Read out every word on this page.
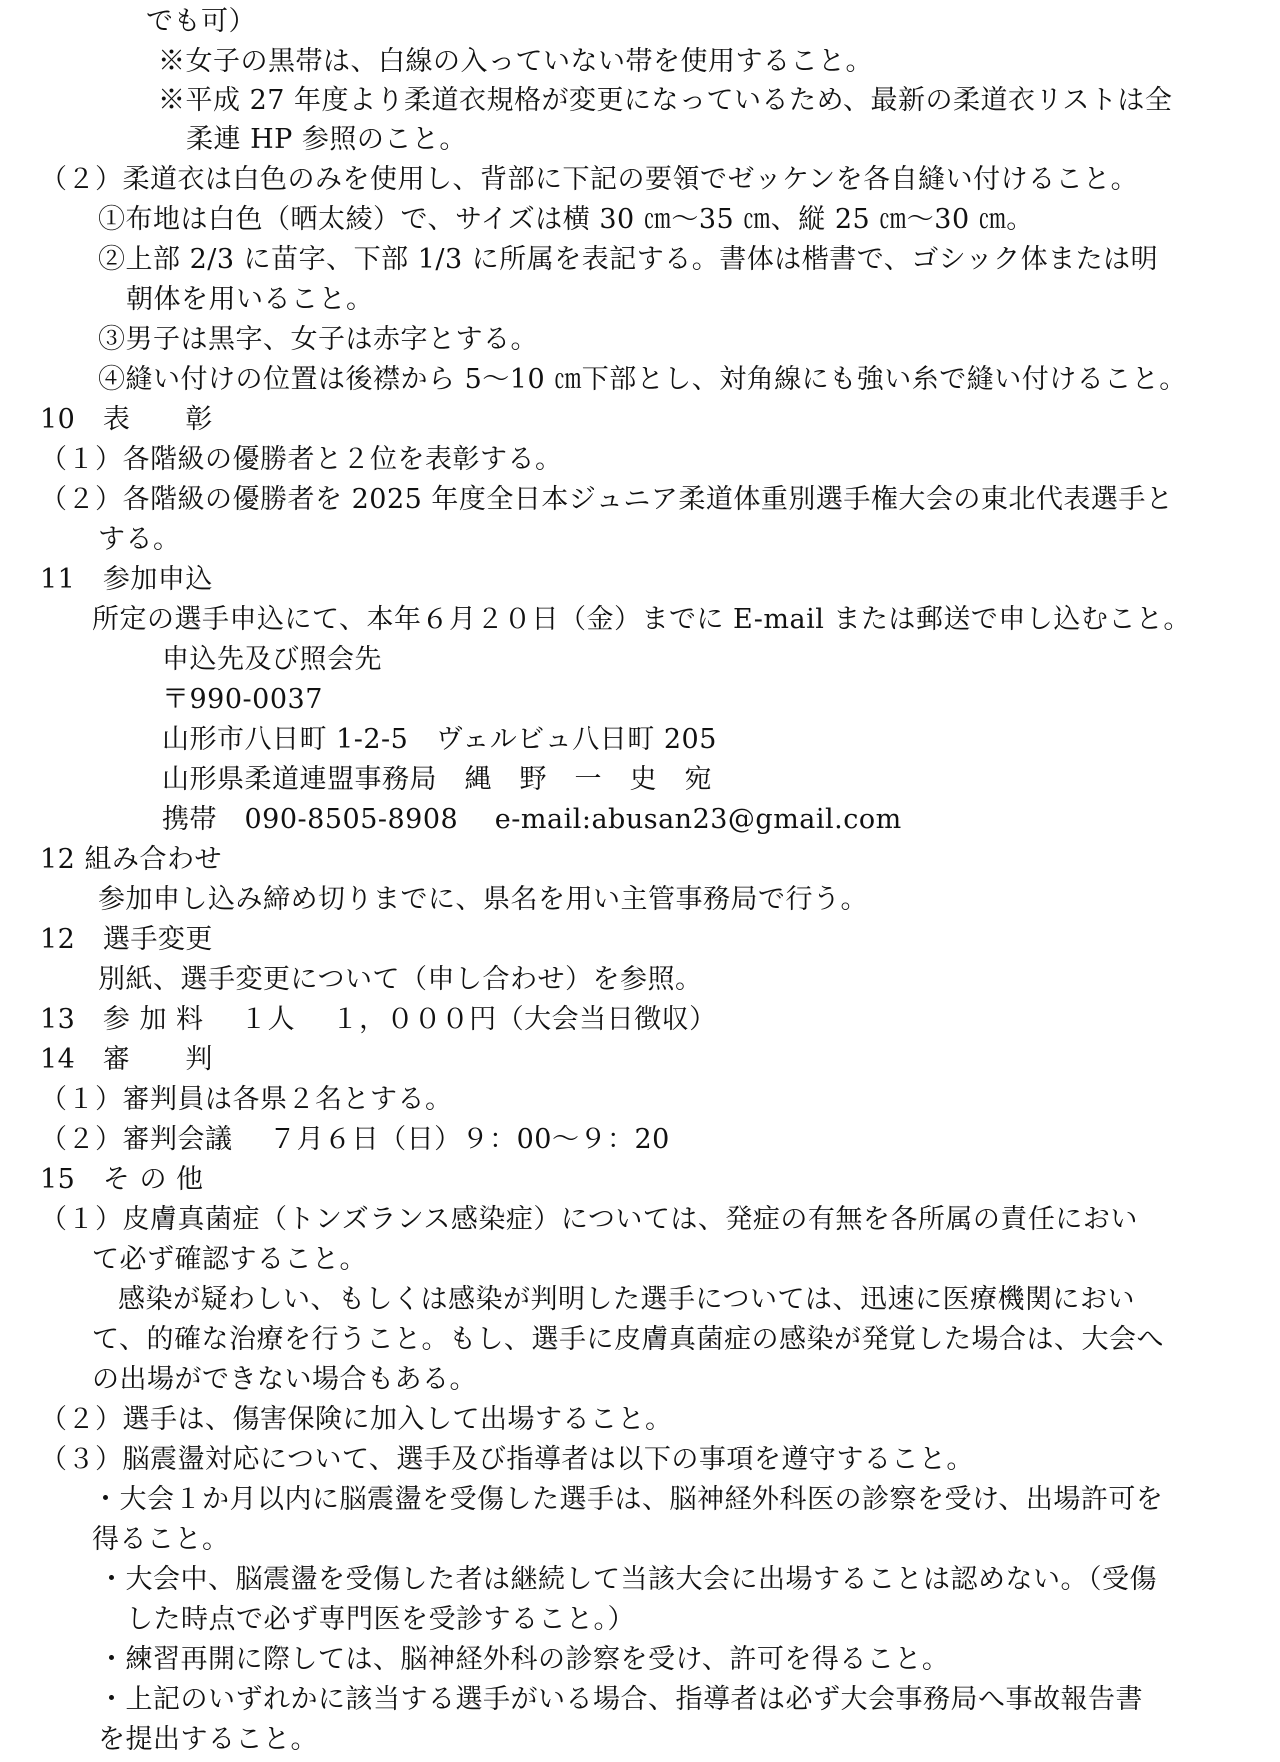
でも可）
※女子の黒帯は、白線の入っていない帯を使用すること。
※平成 27 年度より柔道衣規格が変更になっているため、最新の柔道衣リストは全
柔連 HP 参照のこと。
（２）柔道衣は白色のみを使用し、背部に下記の要領でゼッケンを各自縫い付けること。
①布地は白色（晒太綾）で、サイズは横 30 ㎝～35 ㎝、縦 25 ㎝～30 ㎝。
②上部 2/3 に苗字、下部 1/3 に所属を表記する。書体は楷書で、ゴシック体または明
朝体を用いること。
③男子は黒字、女子は赤字とする。
④縫い付けの位置は後襟から 5～10 ㎝下部とし、対角線にも強い糸で縫い付けること。
10　表　　彰
（１）各階級の優勝者と２位を表彰する。
（２）各階級の優勝者を 2025 年度全日本ジュニア柔道体重別選手権大会の東北代表選手と
する。
11　参加申込
所定の選手申込にて、本年６月２０日（金）までに E-mail または郵送で申し込むこと。
申込先及び照会先
〒990-0037
山形市八日町 1-2-5　ヴェルビュ八日町 205
山形県柔道連盟事務局　縄　野　一　史　宛
携帯　090-8505-8908　 e-mail:abusan23@gmail.com
12 組み合わせ
参加申し込み締め切りまでに、県名を用い主管事務局で行う。
12　選手変更
別紙、選手変更について（申し合わせ）を参照。
13　参 加 料　 １人　 １，０００円（大会当日徴収）
14　審　　判
（１）審判員は各県２名とする。
（２）審判会議　 ７月６日（日）９：00～９：20
15　そ の 他
（１）皮膚真菌症（トンズランス感染症）については、発症の有無を各所属の責任におい
て必ず確認すること。
感染が疑わしい、もしくは感染が判明した選手については、迅速に医療機関におい
て、的確な治療を行うこと。もし、選手に皮膚真菌症の感染が発覚した場合は、大会へ
の出場ができない場合もある。
（２）選手は、傷害保険に加入して出場すること。
（３）脳震盪対応について、選手及び指導者は以下の事項を遵守すること。
・大会１か月以内に脳震盪を受傷した選手は、脳神経外科医の診察を受け、出場許可を
得ること。
・大会中、脳震盪を受傷した者は継続して当該大会に出場することは認めない。（受傷
した時点で必ず専門医を受診すること。）
・練習再開に際しては、脳神経外科の診察を受け、許可を得ること。
・上記のいずれかに該当する選手がいる場合、指導者は必ず大会事務局へ事故報告書
を提出すること。
